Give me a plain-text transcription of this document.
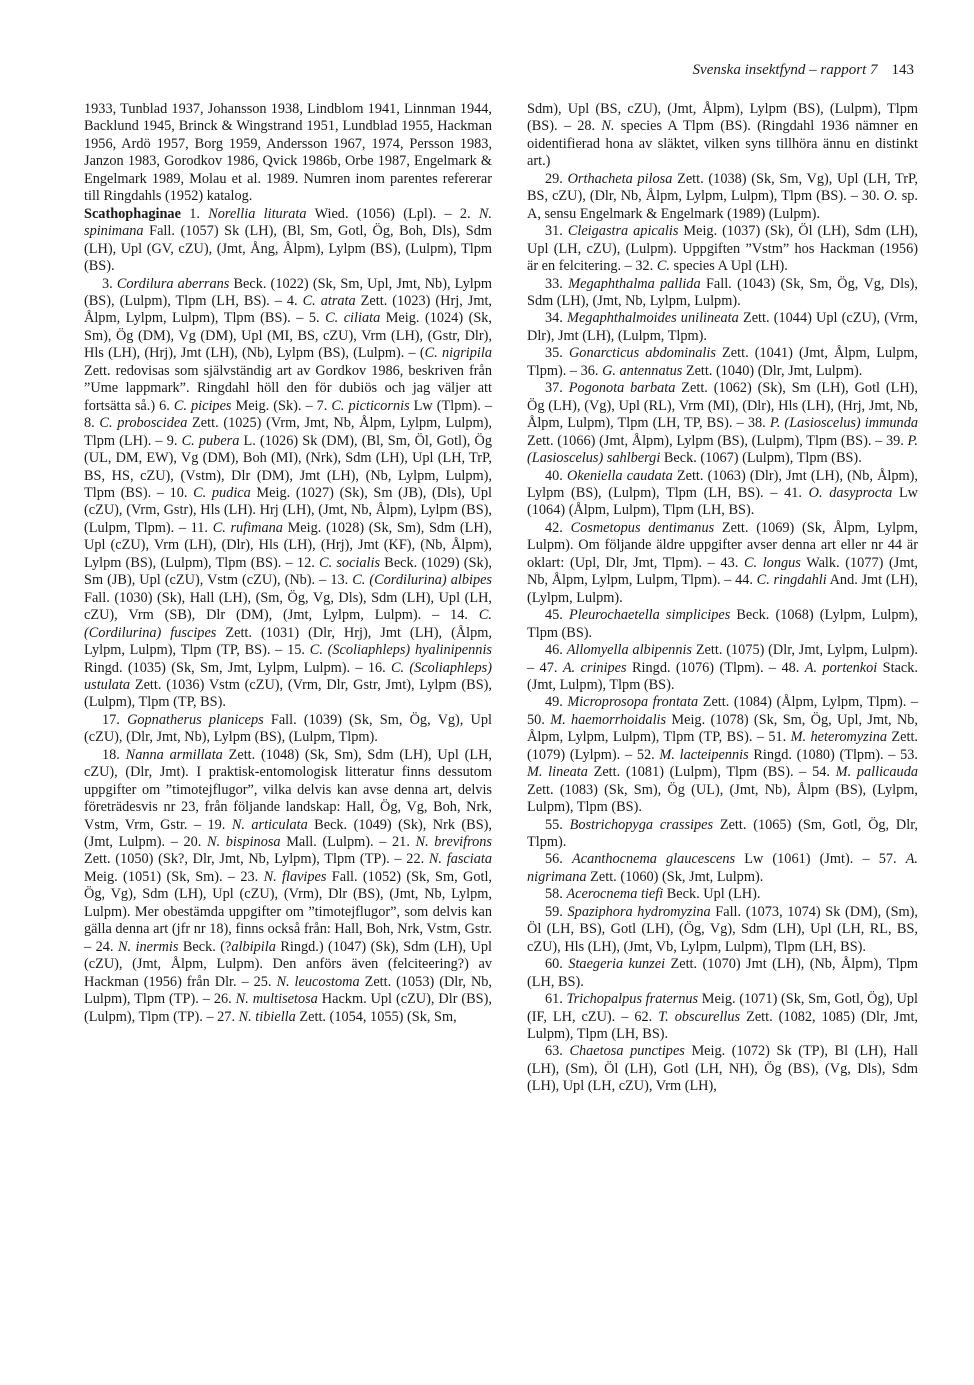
Svenska insektfynd – rapport 7 143

1933, Tunblad 1937, Johansson 1938, Lindblom 1941, Linnman 1944, Backlund 1945, Brinck & Wingstrand 1951, Lundblad 1955, Hackman 1956, Ardö 1957, Borg 1959, Andersson 1967, 1974, Persson 1983, Janzon 1983, Gorodkov 1986, Qvick 1986b, Orbe 1987, Engelmark & Engelmark 1989, Molau et al. 1989. Numren inom parentes refererar till Ringdahls (1952) katalog.

Scathophaginae 1. Norellia liturata Wied. (1056) (Lpl). – 2. N. spinimana Fall. (1057) Sk (LH), (Bl, Sm, Gotl, Ög, Boh, Dls), Sdm (LH), Upl (GV, cZU), (Jmt, Ång, Ålpm), Lylpm (BS), (Lulpm), Tlpm (BS).

3. Cordilura aberrans Beck. (1022) (Sk, Sm, Upl, Jmt, Nb), Lylpm (BS), (Lulpm), Tlpm (LH, BS). – 4. C. atrata Zett. (1023) (Hrj, Jmt, Ålpm, Lylpm, Lulpm), Tlpm (BS). – 5. C. ciliata Meig. (1024) (Sk, Sm), Ög (DM), Vg (DM), Upl (MI, BS, cZU), Vrm (LH), (Gstr, Dlr), Hls (LH), (Hrj), Jmt (LH), (Nb), Lylpm (BS), (Lulpm). – (C. nigripila Zett. redovisas som självständig art av Gordkov 1986, beskriven från ”Ume lappmark”. Ringdahl höll den för dubiös och jag väljer att fortsätta så.) 6. C. picipes Meig. (Sk). – 7. C. picticornis Lw (Tlpm). – 8. C. proboscidea Zett. (1025) (Vrm, Jmt, Nb, Ålpm, Lylpm, Lulpm), Tlpm (LH). – 9. C. pubera L. (1026) Sk (DM), (Bl, Sm, Öl, Gotl), Ög (UL, DM, EW), Vg (DM), Boh (MI), (Nrk), Sdm (LH), Upl (LH, TrP, BS, HS, cZU), (Vstm), Dlr (DM), Jmt (LH), (Nb, Lylpm, Lulpm), Tlpm (BS). – 10. C. pudica Meig. (1027) (Sk), Sm (JB), (Dls), Upl (cZU), (Vrm, Gstr), Hls (LH). Hrj (LH), (Jmt, Nb, Ålpm), Lylpm (BS), (Lulpm, Tlpm). – 11. C. rufimana Meig. (1028) (Sk, Sm), Sdm (LH), Upl (cZU), Vrm (LH), (Dlr), Hls (LH), (Hrj), Jmt (KF), (Nb, Ålpm), Lylpm (BS), (Lulpm), Tlpm (BS). – 12. C. socialis Beck. (1029) (Sk), Sm (JB), Upl (cZU), Vstm (cZU), (Nb). – 13. C. (Cordilurina) albipes Fall. (1030) (Sk), Hall (LH), (Sm, Ög, Vg, Dls), Sdm (LH), Upl (LH, cZU), Vrm (SB), Dlr (DM), (Jmt, Lylpm, Lulpm). – 14. C. (Cordilurina) fuscipes Zett. (1031) (Dlr, Hrj), Jmt (LH), (Ålpm, Lylpm, Lulpm), Tlpm (TP, BS). – 15. C. (Scoliaphleps) hyalinipennis Ringd. (1035) (Sk, Sm, Jmt, Lylpm, Lulpm). – 16. C. (Scoliaphleps) ustulata Zett. (1036) Vstm (cZU), (Vrm, Dlr, Gstr, Jmt), Lylpm (BS), (Lulpm), Tlpm (TP, BS).

17. Gopnatherus planiceps Fall. (1039) (Sk, Sm, Ög, Vg), Upl (cZU), (Dlr, Jmt, Nb), Lylpm (BS), (Lulpm, Tlpm).

18. Nanna armillata Zett. (1048) (Sk, Sm), Sdm (LH), Upl (LH, cZU), (Dlr, Jmt). I praktisk-entomologisk litteratur finns dessutom uppgifter om ”timotejflugor”, vilka delvis kan avse denna art, delvis företrädesvis nr 23, från följande landskap: Hall, Ög, Vg, Boh, Nrk, Vstm, Vrm, Gstr. – 19. N. articulata Beck. (1049) (Sk), Nrk (BS), (Jmt, Lulpm). – 20. N. bispinosa Mall. (Lulpm). – 21. N. brevifrons Zett. (1050) (Sk?, Dlr, Jmt, Nb, Lylpm), Tlpm (TP). – 22. N. fasciata Meig. (1051) (Sk, Sm). – 23. N. flavipes Fall. (1052) (Sk, Sm, Gotl, Ög, Vg), Sdm (LH), Upl (cZU), (Vrm), Dlr (BS), (Jmt, Nb, Lylpm, Lulpm). Mer obestämda uppgifter om ”timotejflugor”, som delvis kan gälla denna art (jfr nr 18), finns också från: Hall, Boh, Nrk, Vstm, Gstr. – 24. N. inermis Beck. (?albipila Ringd.) (1047) (Sk), Sdm (LH), Upl (cZU), (Jmt, Ålpm, Lulpm). Den anförs även (felciteering?) av Hackman (1956) från Dlr. – 25. N. leucostoma Zett. (1053) (Dlr, Nb, Lulpm), Tlpm (TP). – 26. N. multisetosa Hackm. Upl (cZU), Dlr (BS), (Lulpm), Tlpm (TP). – 27. N. tibiella Zett. (1054, 1055) (Sk, Sm,

Sdm), Upl (BS, cZU), (Jmt, Ålpm), Lylpm (BS), (Lulpm), Tlpm (BS). – 28. N. species A Tlpm (BS). (Ringdahl 1936 nämner en oidentifierad hona av släktet, vilken syns tillhöra ännu en distinkt art.)

29. Orthacheta pilosa Zett. (1038) (Sk, Sm, Vg), Upl (LH, TrP, BS, cZU), (Dlr, Nb, Ålpm, Lylpm, Lulpm), Tlpm (BS). – 30. O. sp. A, sensu Engelmark & Engelmark (1989) (Lulpm).

31. Cleigastra apicalis Meig. (1037) (Sk), Öl (LH), Sdm (LH), Upl (LH, cZU), (Lulpm). Uppgiften ”Vstm” hos Hackman (1956) är en felcitering. – 32. C. species A Upl (LH).

33. Megaphthalma pallida Fall. (1043) (Sk, Sm, Ög, Vg, Dls), Sdm (LH), (Jmt, Nb, Lylpm, Lulpm).

34. Megaphthalmoides unilineata Zett. (1044) Upl (cZU), (Vrm, Dlr), Jmt (LH), (Lulpm, Tlpm).

35. Gonarcticus abdominalis Zett. (1041) (Jmt, Ålpm, Lulpm, Tlpm). – 36. G. antennatus Zett. (1040) (Dlr, Jmt, Lulpm).

37. Pogonota barbata Zett. (1062) (Sk), Sm (LH), Gotl (LH), Ög (LH), (Vg), Upl (RL), Vrm (MI), (Dlr), Hls (LH), (Hrj, Jmt, Nb, Ålpm, Lulpm), Tlpm (LH, TP, BS). – 38. P. (Lasioscelus) immunda Zett. (1066) (Jmt, Ålpm), Lylpm (BS), (Lulpm), Tlpm (BS). – 39. P. (Lasioscelus) sahlbergi Beck. (1067) (Lulpm), Tlpm (BS).

40. Okeniella caudata Zett. (1063) (Dlr), Jmt (LH), (Nb, Ålpm), Lylpm (BS), (Lulpm), Tlpm (LH, BS). – 41. O. dasyprocta Lw (1064) (Ålpm, Lulpm), Tlpm (LH, BS).

42. Cosmetopus dentimanus Zett. (1069) (Sk, Ålpm, Lylpm, Lulpm). Om följande äldre uppgifter avser denna art eller nr 44 är oklart: (Upl, Dlr, Jmt, Tlpm). – 43. C. longus Walk. (1077) (Jmt, Nb, Ålpm, Lylpm, Lulpm, Tlpm). – 44. C. ringdahli And. Jmt (LH), (Lylpm, Lulpm).

45. Pleurochaetella simplicipes Beck. (1068) (Lylpm, Lulpm), Tlpm (BS).

46. Allomyella albipennis Zett. (1075) (Dlr, Jmt, Lylpm, Lulpm). – 47. A. crinipes Ringd. (1076) (Tlpm). – 48. A. portenkoi Stack. (Jmt, Lulpm), Tlpm (BS).

49. Microprosopa frontata Zett. (1084) (Ålpm, Lylpm, Tlpm). – 50. M. haemorrhoidalis Meig. (1078) (Sk, Sm, Ög, Upl, Jmt, Nb, Ålpm, Lylpm, Lulpm), Tlpm (TP, BS). – 51. M. heteromyzina Zett. (1079) (Lylpm). – 52. M. lacteipennis Ringd. (1080) (Tlpm). – 53. M. lineata Zett. (1081) (Lulpm), Tlpm (BS). – 54. M. pallicauda Zett. (1083) (Sk, Sm), Ög (UL), (Jmt, Nb), Ålpm (BS), (Lylpm, Lulpm), Tlpm (BS).

55. Bostrichopyga crassipes Zett. (1065) (Sm, Gotl, Ög, Dlr, Tlpm).

56. Acanthocnema glaucescens Lw (1061) (Jmt). – 57. A. nigrimana Zett. (1060) (Sk, Jmt, Lulpm).

58. Acerocnema tiefi Beck. Upl (LH).

59. Spaziphora hydromyzina Fall. (1073, 1074) Sk (DM), (Sm), Öl (LH, BS), Gotl (LH), (Ög, Vg), Sdm (LH), Upl (LH, RL, BS, cZU), Hls (LH), (Jmt, Vb, Lylpm, Lulpm), Tlpm (LH, BS).

60. Staegeria kunzei Zett. (1070) Jmt (LH), (Nb, Ålpm), Tlpm (LH, BS).

61. Trichopalpus fraternus Meig. (1071) (Sk, Sm, Gotl, Ög), Upl (IF, LH, cZU). – 62. T. obscurellus Zett. (1082, 1085) (Dlr, Jmt, Lulpm), Tlpm (LH, BS).

63. Chaetosa punctipes Meig. (1072) Sk (TP), Bl (LH), Hall (LH), (Sm), Öl (LH), Gotl (LH, NH), Ög (BS), (Vg, Dls), Sdm (LH), Upl (LH, cZU), Vrm (LH),
